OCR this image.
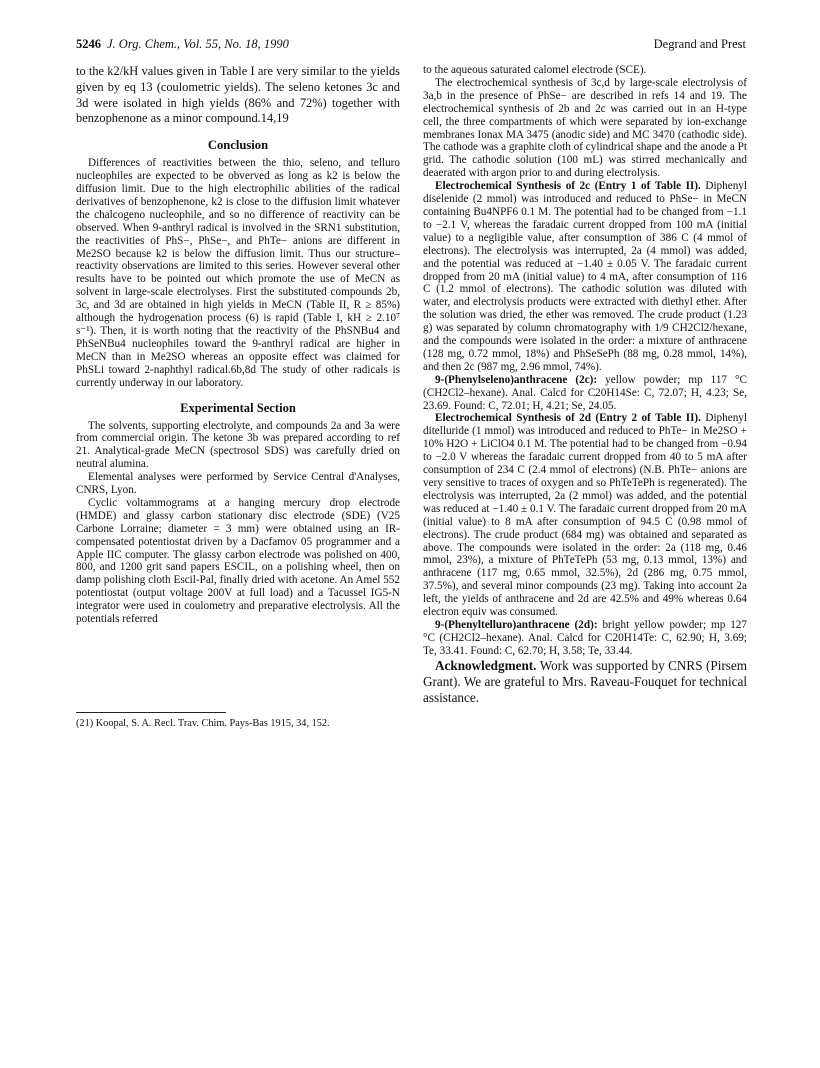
5246 J. Org. Chem., Vol. 55, No. 18, 1990	Degrand and Prest

to the k2/kH values given in Table I are very similar to the yields given by eq 13 (coulometric yields). The seleno ketones 3c and 3d were isolated in high yields (86% and 72%) together with benzophenone as a minor compound.14,19

Conclusion

Differences of reactivities between the thio, seleno, and telluro nucleophiles are expected to be obverved as long as k2 is below the diffusion limit. Due to the high electrophilic abilities of the radical derivatives of benzophenone, k2 is close to the diffusion limit whatever the chalcogeno nucleophile, and so no difference of reactivity can be observed. When 9-anthryl radical is involved in the SRN1 substitution, the reactivities of PhS−, PhSe−, and PhTe− anions are different in Me2SO because k2 is below the diffusion limit. Thus our structure–reactivity observations are limited to this series. However several other results have to be pointed out which promote the use of MeCN as solvent in large-scale electrolyses. First the substituted compounds 2b, 3c, and 3d are obtained in high yields in MeCN (Table II, R ≥ 85%) although the hydrogenation process (6) is rapid (Table I, kH ≥ 2.10⁷ s⁻¹). Then, it is worth noting that the reactivity of the PhSNBu4 and PhSeNBu4 nucleophiles toward the 9-anthryl radical are higher in MeCN than in Me2SO whereas an opposite effect was claimed for PhSLi toward 2-naphthyl radical.6b,8d The study of other radicals is currently underway in our laboratory.

Experimental Section

The solvents, supporting electrolyte, and compounds 2a and 3a were from commercial origin. The ketone 3b was prepared according to ref 21. Analytical-grade MeCN (spectrosol SDS) was carefully dried on neutral alumina.

Elemental analyses were performed by Service Central d'Analyses, CNRS, Lyon.

Cyclic voltammograms at a hanging mercury drop electrode (HMDE) and glassy carbon stationary disc electrode (SDE) (V25 Carbone Lorraine; diameter = 3 mm) were obtained using an IR-compensated potentiostat driven by a Dacfamov 05 programmer and a Apple IIC computer. The glassy carbon electrode was polished on 400, 800, and 1200 grit sand papers ESCIL, on a polishing wheel, then on damp polishing cloth Escil-Pal, finally dried with acetone. An Amel 552 potentiostat (output voltage 200V at full load) and a Tacussel IG5-N integrator were used in coulometry and preparative electrolysis. All the potentials referred

(21) Koopal, S. A. Recl. Trav. Chim. Pays-Bas 1915, 34, 152.

to the aqueous saturated calomel electrode (SCE).

The electrochemical synthesis of 3c,d by large-scale electrolysis of 3a,b in the presence of PhSe− are described in refs 14 and 19. The electrochemical synthesis of 2b and 2c was carried out in an H-type cell, the three compartments of which were separated by ion-exchange membranes Ionax MA 3475 (anodic side) and MC 3470 (cathodic side). The cathode was a graphite cloth of cylindrical shape and the anode a Pt grid. The cathodic solution (100 mL) was stirred mechanically and deaerated with argon prior to and during electrolysis.

Electrochemical Synthesis of 2c (Entry 1 of Table II). Diphenyl diselenide (2 mmol) was introduced and reduced to PhSe− in MeCN containing Bu4NPF6 0.1 M. The potential had to be changed from −1.1 to −2.1 V, whereas the faradaic current dropped from 100 mA (initial value) to a negligible value, after consumption of 386 C (4 mmol of electrons). The electrolysis was interrupted, 2a (4 mmol) was added, and the potential was reduced at −1.40 ± 0.05 V. The faradaic current dropped from 20 mA (initial value) to 4 mA, after consumption of 116 C (1.2 mmol of electrons). The cathodic solution was diluted with water, and electrolysis products were extracted with diethyl ether. After the solution was dried, the ether was removed. The crude product (1.23 g) was separated by column chromatography with 1/9 CH2Cl2/hexane, and the compounds were isolated in the order: a mixture of anthracene (128 mg, 0.72 mmol, 18%) and PhSeSePh (88 mg, 0.28 mmol, 14%), and then 2c (987 mg, 2.96 mmol, 74%).

9-(Phenylseleno)anthracene (2c): yellow powder; mp 117 °C (CH2Cl2–hexane). Anal. Calcd for C20H14Se: C, 72.07; H, 4.23; Se, 23.69. Found: C, 72.01; H, 4.21; Se, 24.05.

Electrochemical Synthesis of 2d (Entry 2 of Table II). Diphenyl ditelluride (1 mmol) was introduced and reduced to PhTe− in Me2SO + 10% H2O + LiClO4 0.1 M. The potential had to be changed from −0.94 to −2.0 V whereas the faradaic current dropped from 40 to 5 mA after consumption of 234 C (2.4 mmol of electrons) (N.B. PhTe− anions are very sensitive to traces of oxygen and so PhTeTePh is regenerated). The electrolysis was interrupted, 2a (2 mmol) was added, and the potential was reduced at −1.40 ± 0.1 V. The faradaic current dropped from 20 mA (initial value) to 8 mA after consumption of 94.5 C (0.98 mmol of electrons). The crude product (684 mg) was obtained and separated as above. The compounds were isolated in the order: 2a (118 mg, 0.46 mmol, 23%), a mixture of PhTeTePh (53 mg, 0.13 mmol, 13%) and anthracene (117 mg, 0.65 mmol, 32.5%), 2d (286 mg, 0.75 mmol, 37.5%), and several minor compounds (23 mg). Taking into account 2a left, the yields of anthracene and 2d are 42.5% and 49% whereas 0.64 electron equiv was consumed.

9-(Phenyltelluro)anthracene (2d): bright yellow powder; mp 127 °C (CH2Cl2–hexane). Anal. Calcd for C20H14Te: C, 62.90; H, 3.69; Te, 33.41. Found: C, 62.70; H, 3.58; Te, 33.44.

Acknowledgment. Work was supported by CNRS (Pirsem Grant). We are grateful to Mrs. Raveau-Fouquet for technical assistance.
